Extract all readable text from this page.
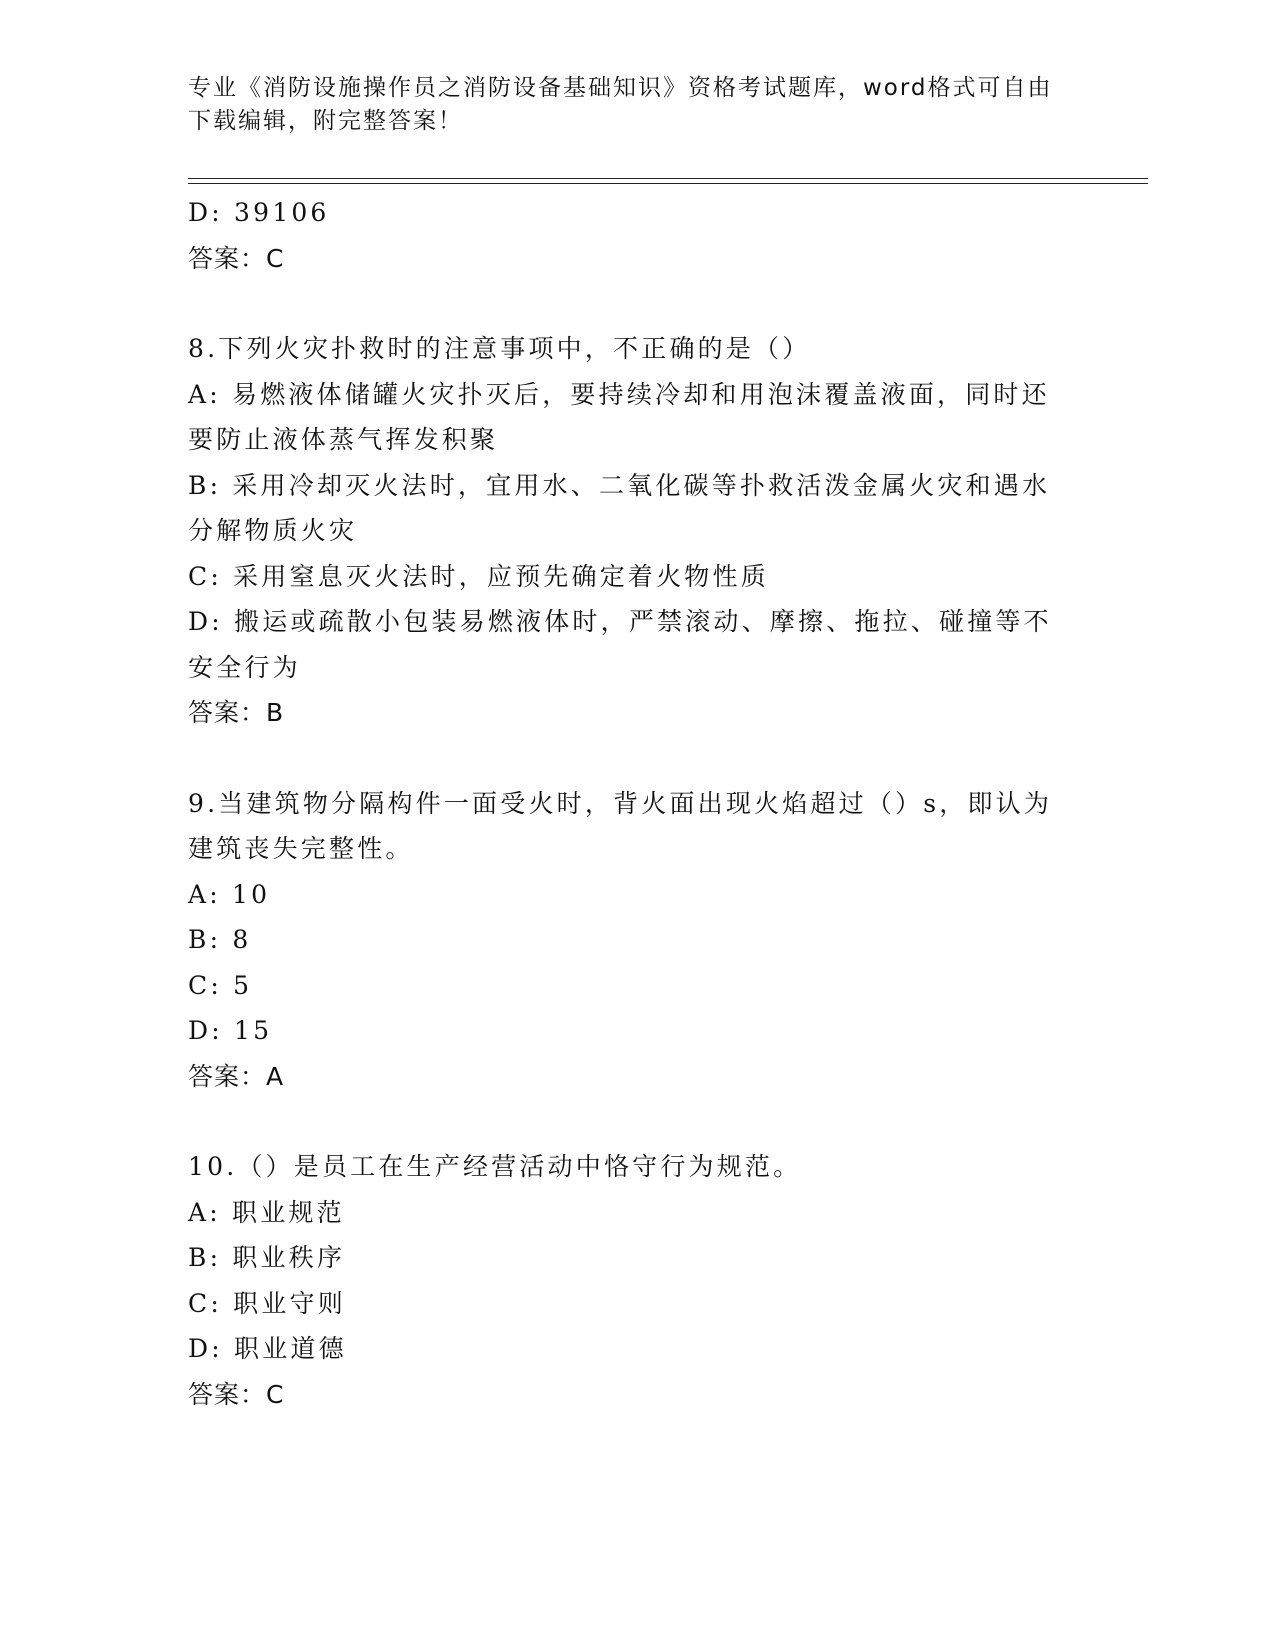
专业《消防设施操作员之消防设备基础知识》资格考试题库，word格式可自由下载编辑，附完整答案！
D: 39106
答案：C
8.下列火灾扑救时的注意事项中，不正确的是（）
A: 易燃液体储罐火灾扑灭后，要持续冷却和用泡沫覆盖液面，同时还要防止液体蒸气挥发积聚
B: 采用冷却灭火法时，宜用水、二氧化碳等扑救活泼金属火灾和遇水分解物质火灾
C: 采用窒息灭火法时，应预先确定着火物性质
D: 搬运或疏散小包装易燃液体时，严禁滚动、摩擦、拖拉、碰撞等不安全行为
答案：B
9.当建筑物分隔构件一面受火时，背火面出现火焰超过（）s，即认为建筑丧失完整性。
A: 10
B: 8
C: 5
D: 15
答案：A
10.（）是员工在生产经营活动中恪守行为规范。
A: 职业规范
B: 职业秩序
C: 职业守则
D: 职业道德
答案：C
